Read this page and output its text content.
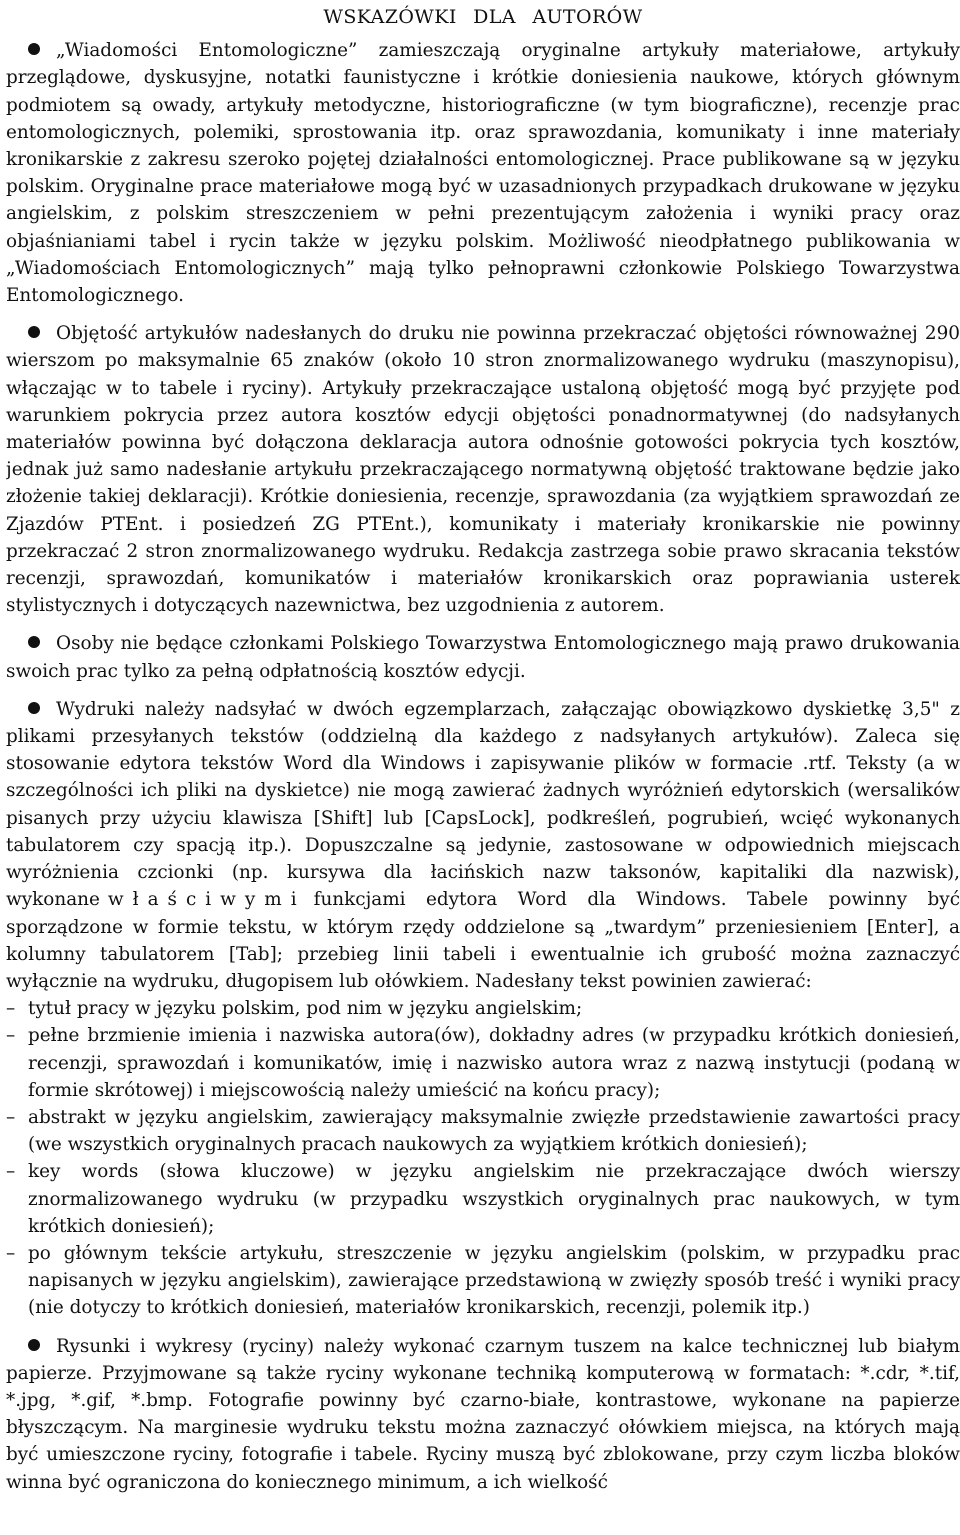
WSKAZÓWKI DLA AUTORÓW

„Wiadomości Entomologiczne” zamieszczają oryginalne artykuły materiałowe, artykuły przeglądowe, dyskusyjne, notatki faunistyczne i krótkie doniesienia naukowe, których głównym podmiotem są owady, artykuły metodyczne, historiograficzne (w tym biograficzne), recenzje prac entomologicznych, polemiki, sprostowania itp. oraz sprawozdania, komunikaty i inne materiały kronikarskie z zakresu szeroko pojętej działalności entomologicznej. Prace publikowane są w języku polskim. Oryginalne prace materiałowe mogą być w uzasadnionych przypadkach drukowane w języku angielskim, z polskim streszczeniem w pełni prezentującym założenia i wyniki pracy oraz objaśnianiami tabel i rycin także w języku polskim. Możliwość nieodpłatnego publikowania w „Wiadomościach Entomologicznych” mają tylko pełnoprawni członkowie Polskiego Towarzystwa Entomologicznego.

Objętość artykułów nadesłanych do druku nie powinna przekraczać objętości równoważnej 290 wierszom po maksymalnie 65 znaków (około 10 stron znormalizowanego wydruku (maszynopisu), włączając w to tabele i ryciny). Artykuły przekraczające ustaloną objętość mogą być przyjęte pod warunkiem pokrycia przez autora kosztów edycji objętości ponadnormatywnej (do nadsyłanych materiałów powinna być dołączona deklaracja autora odnośnie gotowości pokrycia tych kosztów, jednak już samo nadesłanie artykułu przekraczającego normatywną objętość traktowane będzie jako złożenie takiej deklaracji). Krótkie doniesienia, recenzje, sprawozdania (za wyjątkiem sprawozdań ze Zjazdów PTEnt. i posiedzeń ZG PTEnt.), komunikaty i materiały kronikarskie nie powinny przekraczać 2 stron znormalizowanego wydruku. Redakcja zastrzega sobie prawo skracania tekstów recenzji, sprawozdań, komunikatów i materiałów kronikarskich oraz poprawiania usterek stylistycznych i dotyczących nazewnictwa, bez uzgodnienia z autorem.

Osoby nie będące członkami Polskiego Towarzystwa Entomologicznego mają prawo drukowania swoich prac tylko za pełną odpłatnością kosztów edycji.

Wydruki należy nadsyłać w dwóch egzemplarzach, załączając obowiązkowo dyskietkę 3,5" z plikami przesyłanych tekstów (oddzielną dla każdego z nadsyłanych artykułów). Zaleca się stosowanie edytora tekstów Word dla Windows i zapisywanie plików w formacie .rtf. Teksty (a w szczególności ich pliki na dyskietce) nie mogą zawierać żadnych wyróżnień edytorskich (wersalików pisanych przy użyciu klawisza [Shift] lub [CapsLock], podkreśleń, pogrubień, wcięć wykonanych tabulatorem czy spacją itp.). Dopuszczalne są jedynie, zastosowane w odpowiednich miejscach wyróżnienia czcionki (np. kursywa dla łacińskich nazw taksonów, kapitaliki dla nazwisk), wykonane właściwymi funkcjami edytora Word dla Windows. Tabele powinny być sporządzone w formie tekstu, w którym rzędy oddzielone są „twardym” przeniesieniem [Enter], a kolumny tabulatorem [Tab]; przebieg linii tabeli i ewentualnie ich grubość można zaznaczyć wyłącznie na wydruku, długopisem lub ołówkiem. Nadesłany tekst powinien zawierać:

– tytuł pracy w języku polskim, pod nim w języku angielskim;
– pełne brzmienie imienia i nazwiska autora(ów), dokładny adres (w przypadku krótkich doniesień, recenzji, sprawozdań i komunikatów, imię i nazwisko autora wraz z nazwą instytucji (podaną w formie skrótowej) i miejscowością należy umieścić na końcu pracy);
– abstrakt w języku angielskim, zawierający maksymalnie zwięzłe przedstawienie zawartości pracy (we wszystkich oryginalnych pracach naukowych za wyjątkiem krótkich doniesień);
– key words (słowa kluczowe) w języku angielskim nie przekraczające dwóch wierszy znormalizowanego wydruku (w przypadku wszystkich oryginalnych prac naukowych, w tym krótkich doniesień);
– po głównym tekście artykułu, streszczenie w języku angielskim (polskim, w przypadku prac napisanych w języku angielskim), zawierające przedstawioną w zwięzły sposób treść i wyniki pracy (nie dotyczy to krótkich doniesień, materiałów kronikarskich, recenzji, polemik itp.)

Rysunki i wykresy (ryciny) należy wykonać czarnym tuszem na kalce technicznej lub białym papierze. Przyjmowane są także ryciny wykonane techniką komputerową w formatach: *.cdr, *.tif, *.jpg, *.gif, *.bmp. Fotografie powinny być czarno-białe, kontrastowe, wykonane na papierze błyszczącym. Na marginesie wydruku tekstu można zaznaczyć ołówkiem miejsca, na których mają być umieszczone ryciny, fotografie i tabele. Ryciny muszą być zblokowane, przy czym liczba bloków winna być ograniczona do koniecznego minimum, a ich wielkość
